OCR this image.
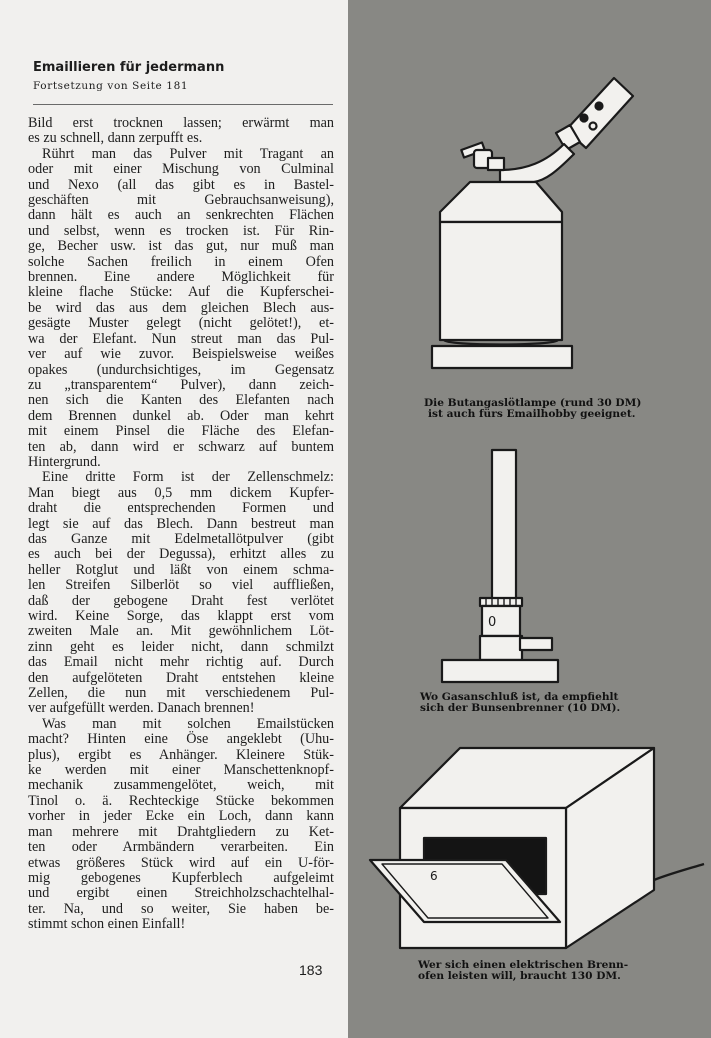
Emaillieren für jedermann
Fortsetzung von Seite 181
Bild erst trocknen lassen; erwärmt man
es zu schnell, dann zerpufft es.
Rührt man das Pulver mit Tragant an
oder mit einer Mischung von Culminal
und Nexo (all das gibt es in Bastel-
geschäften mit Gebrauchsanweisung),
dann hält es auch an senkrechten Flächen
und selbst, wenn es trocken ist. Für Rin-
ge, Becher usw. ist das gut, nur muß man
solche Sachen freilich in einem Ofen
brennen. Eine andere Möglichkeit für
kleine flache Stücke: Auf die Kupferschei-
be wird das aus dem gleichen Blech aus-
gesägte Muster gelegt (nicht gelötet!), et-
wa der Elefant. Nun streut man das Pul-
ver auf wie zuvor. Beispielsweise weißes
opakes (undurchsichtiges, im Gegensatz
zu „transparentem“ Pulver), dann zeich-
nen sich die Kanten des Elefanten nach
dem Brennen dunkel ab. Oder man kehrt
mit einem Pinsel die Fläche des Elefan-
ten ab, dann wird er schwarz auf buntem
Hintergrund.
Eine dritte Form ist der Zellenschmelz:
Man biegt aus 0,5 mm dickem Kupfer-
draht die entsprechenden Formen und
legt sie auf das Blech. Dann bestreut man
das Ganze mit Edelmetallötpulver (gibt
es auch bei der Degussa), erhitzt alles zu
heller Rotglut und läßt von einem schma-
len Streifen Silberlöt so viel auffließen,
daß der gebogene Draht fest verlötet
wird. Keine Sorge, das klappt erst vom
zweiten Male an. Mit gewöhnlichem Löt-
zinn geht es leider nicht, dann schmilzt
das Email nicht mehr richtig auf. Durch
den aufgelöteten Draht entstehen kleine
Zellen, die nun mit verschiedenem Pul-
ver aufgefüllt werden. Danach brennen!
Was man mit solchen Emailstücken
macht? Hinten eine Öse angeklebt (Uhu-
plus), ergibt es Anhänger. Kleinere Stük-
ke werden mit einer Manschettenknopf-
mechanik zusammengelötet, weich, mit
Tinol o. ä. Rechteckige Stücke bekommen
vorher in jeder Ecke ein Loch, dann kann
man mehrere mit Drahtgliedern zu Ket-
ten oder Armbändern verarbeiten. Ein
etwas größeres Stück wird auf ein U-för-
mig gebogenes Kupferblech aufgeleimt
und ergibt einen Streichholzschachtelhal-
ter. Na, und so weiter, Sie haben be-
stimmt schon einen Einfall!
183
Die Butangaslötlampe (rund 30 DM)
ist auch fürs Emailhobby geeignet.
0
Wo Gasanschluß ist, da empfiehlt
sich der Bunsenbrenner (10 DM).
6
Wer sich einen elektrischen Brenn-
ofen leisten will, braucht 130 DM.
